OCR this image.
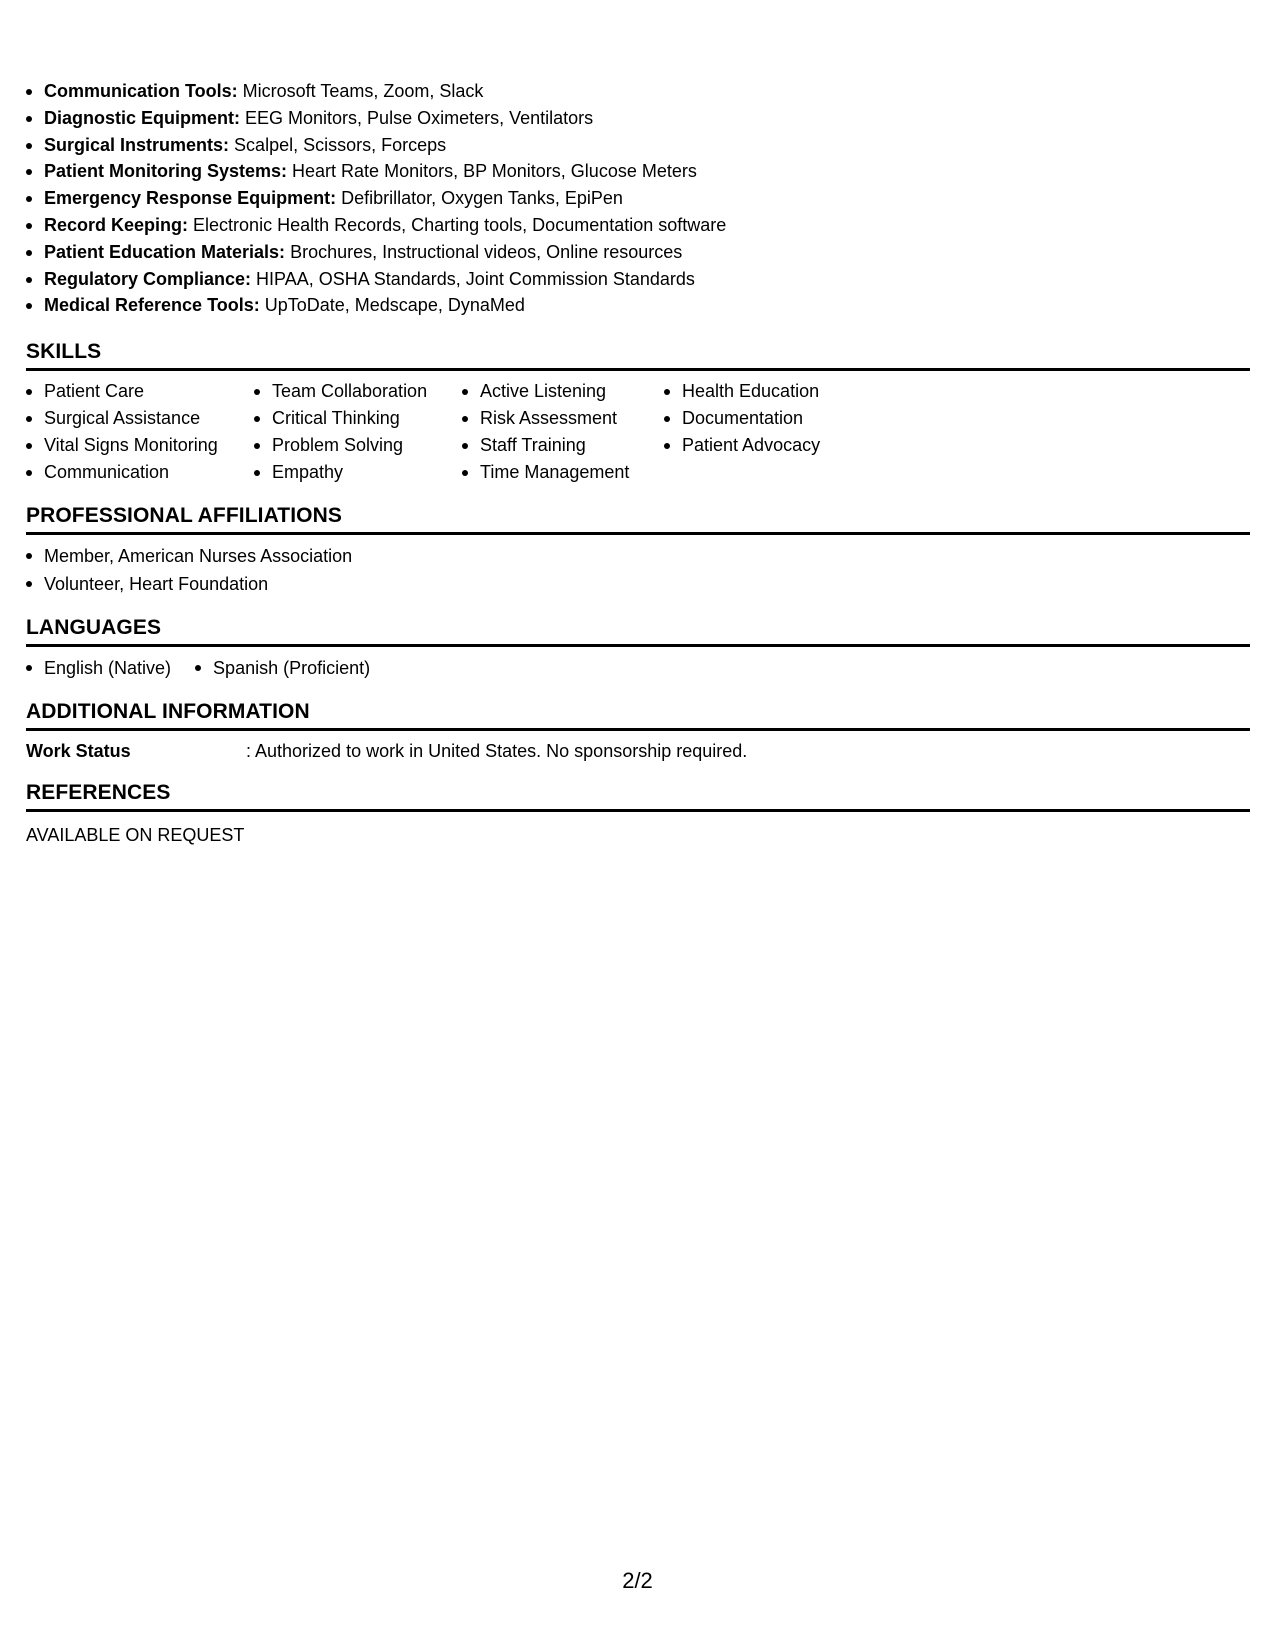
Communication Tools: Microsoft Teams, Zoom, Slack
Diagnostic Equipment: EEG Monitors, Pulse Oximeters, Ventilators
Surgical Instruments: Scalpel, Scissors, Forceps
Patient Monitoring Systems: Heart Rate Monitors, BP Monitors, Glucose Meters
Emergency Response Equipment: Defibrillator, Oxygen Tanks, EpiPen
Record Keeping: Electronic Health Records, Charting tools, Documentation software
Patient Education Materials: Brochures, Instructional videos, Online resources
Regulatory Compliance: HIPAA, OSHA Standards, Joint Commission Standards
Medical Reference Tools: UpToDate, Medscape, DynaMed
SKILLS
Patient Care
Surgical Assistance
Vital Signs Monitoring
Communication
Team Collaboration
Critical Thinking
Problem Solving
Empathy
Active Listening
Risk Assessment
Staff Training
Time Management
Health Education
Documentation
Patient Advocacy
PROFESSIONAL AFFILIATIONS
Member, American Nurses Association
Volunteer, Heart Foundation
LANGUAGES
English (Native)	Spanish (Proficient)
ADDITIONAL INFORMATION
Work Status	: Authorized to work in United States. No sponsorship required.
REFERENCES
AVAILABLE ON REQUEST
2/2
